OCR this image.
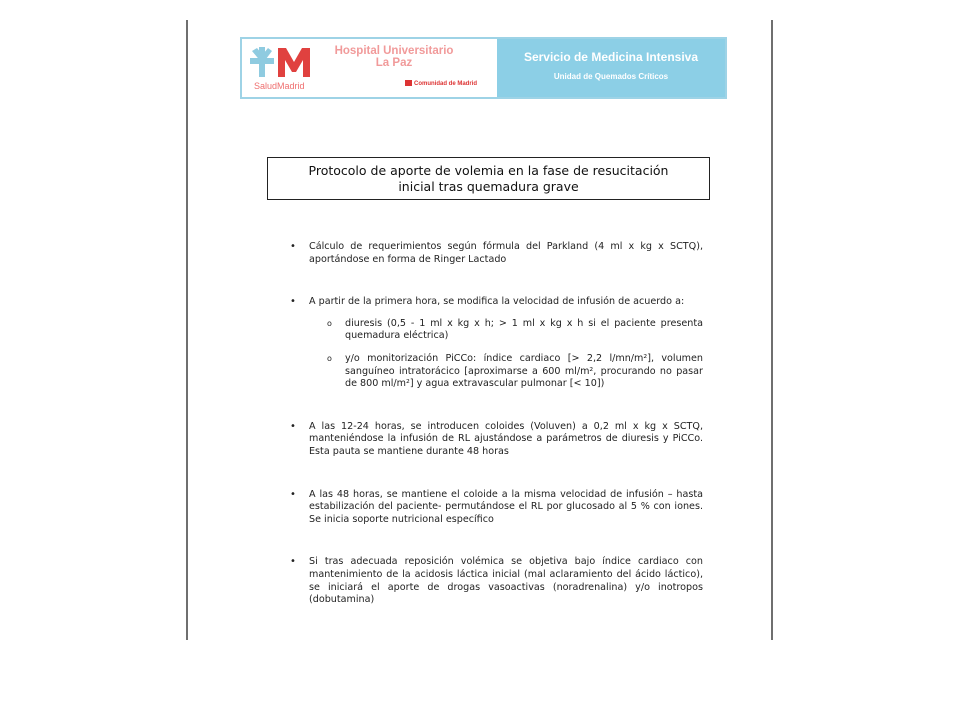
SaludMadrid
Hospital Universitario
La Paz
Comunidad de Madrid
Servicio de Medicina Intensiva
Unidad de Quemados Críticos
Protocolo de aporte de volemia en la fase de resucitación
inicial tras quemadura grave
• Cálculo de requerimientos según fórmula del Parkland (4 ml x kg x SCTQ), aportándose en forma de Ringer Lactado
• A partir de la primera hora, se modifica la velocidad de infusión de acuerdo a:
o diuresis (0,5 - 1 ml x kg x h; > 1 ml x kg x h si el paciente presenta quemadura eléctrica)
o y/o monitorización PiCCo: índice cardiaco [> 2,2 l/mn/m²], volumen sanguíneo intratorácico [aproximarse a 600 ml/m², procurando no pasar de 800 ml/m²] y agua extravascular pulmonar [< 10])
• A las 12-24 horas, se introducen coloides (Voluven) a 0,2 ml x kg x SCTQ, manteniéndose la infusión de RL ajustándose a parámetros de diuresis y PiCCo. Esta pauta se mantiene durante 48 horas
• A las 48 horas, se mantiene el coloide a la misma velocidad de infusión – hasta estabilización del paciente- permutándose el RL por glucosado al 5 % con iones. Se inicia soporte nutricional específico
• Si tras adecuada reposición volémica se objetiva bajo índice cardiaco con mantenimiento de la acidosis láctica inicial (mal aclaramiento del ácido láctico), se iniciará el aporte de drogas vasoactivas (noradrenalina) y/o inotropos (dobutamina)
